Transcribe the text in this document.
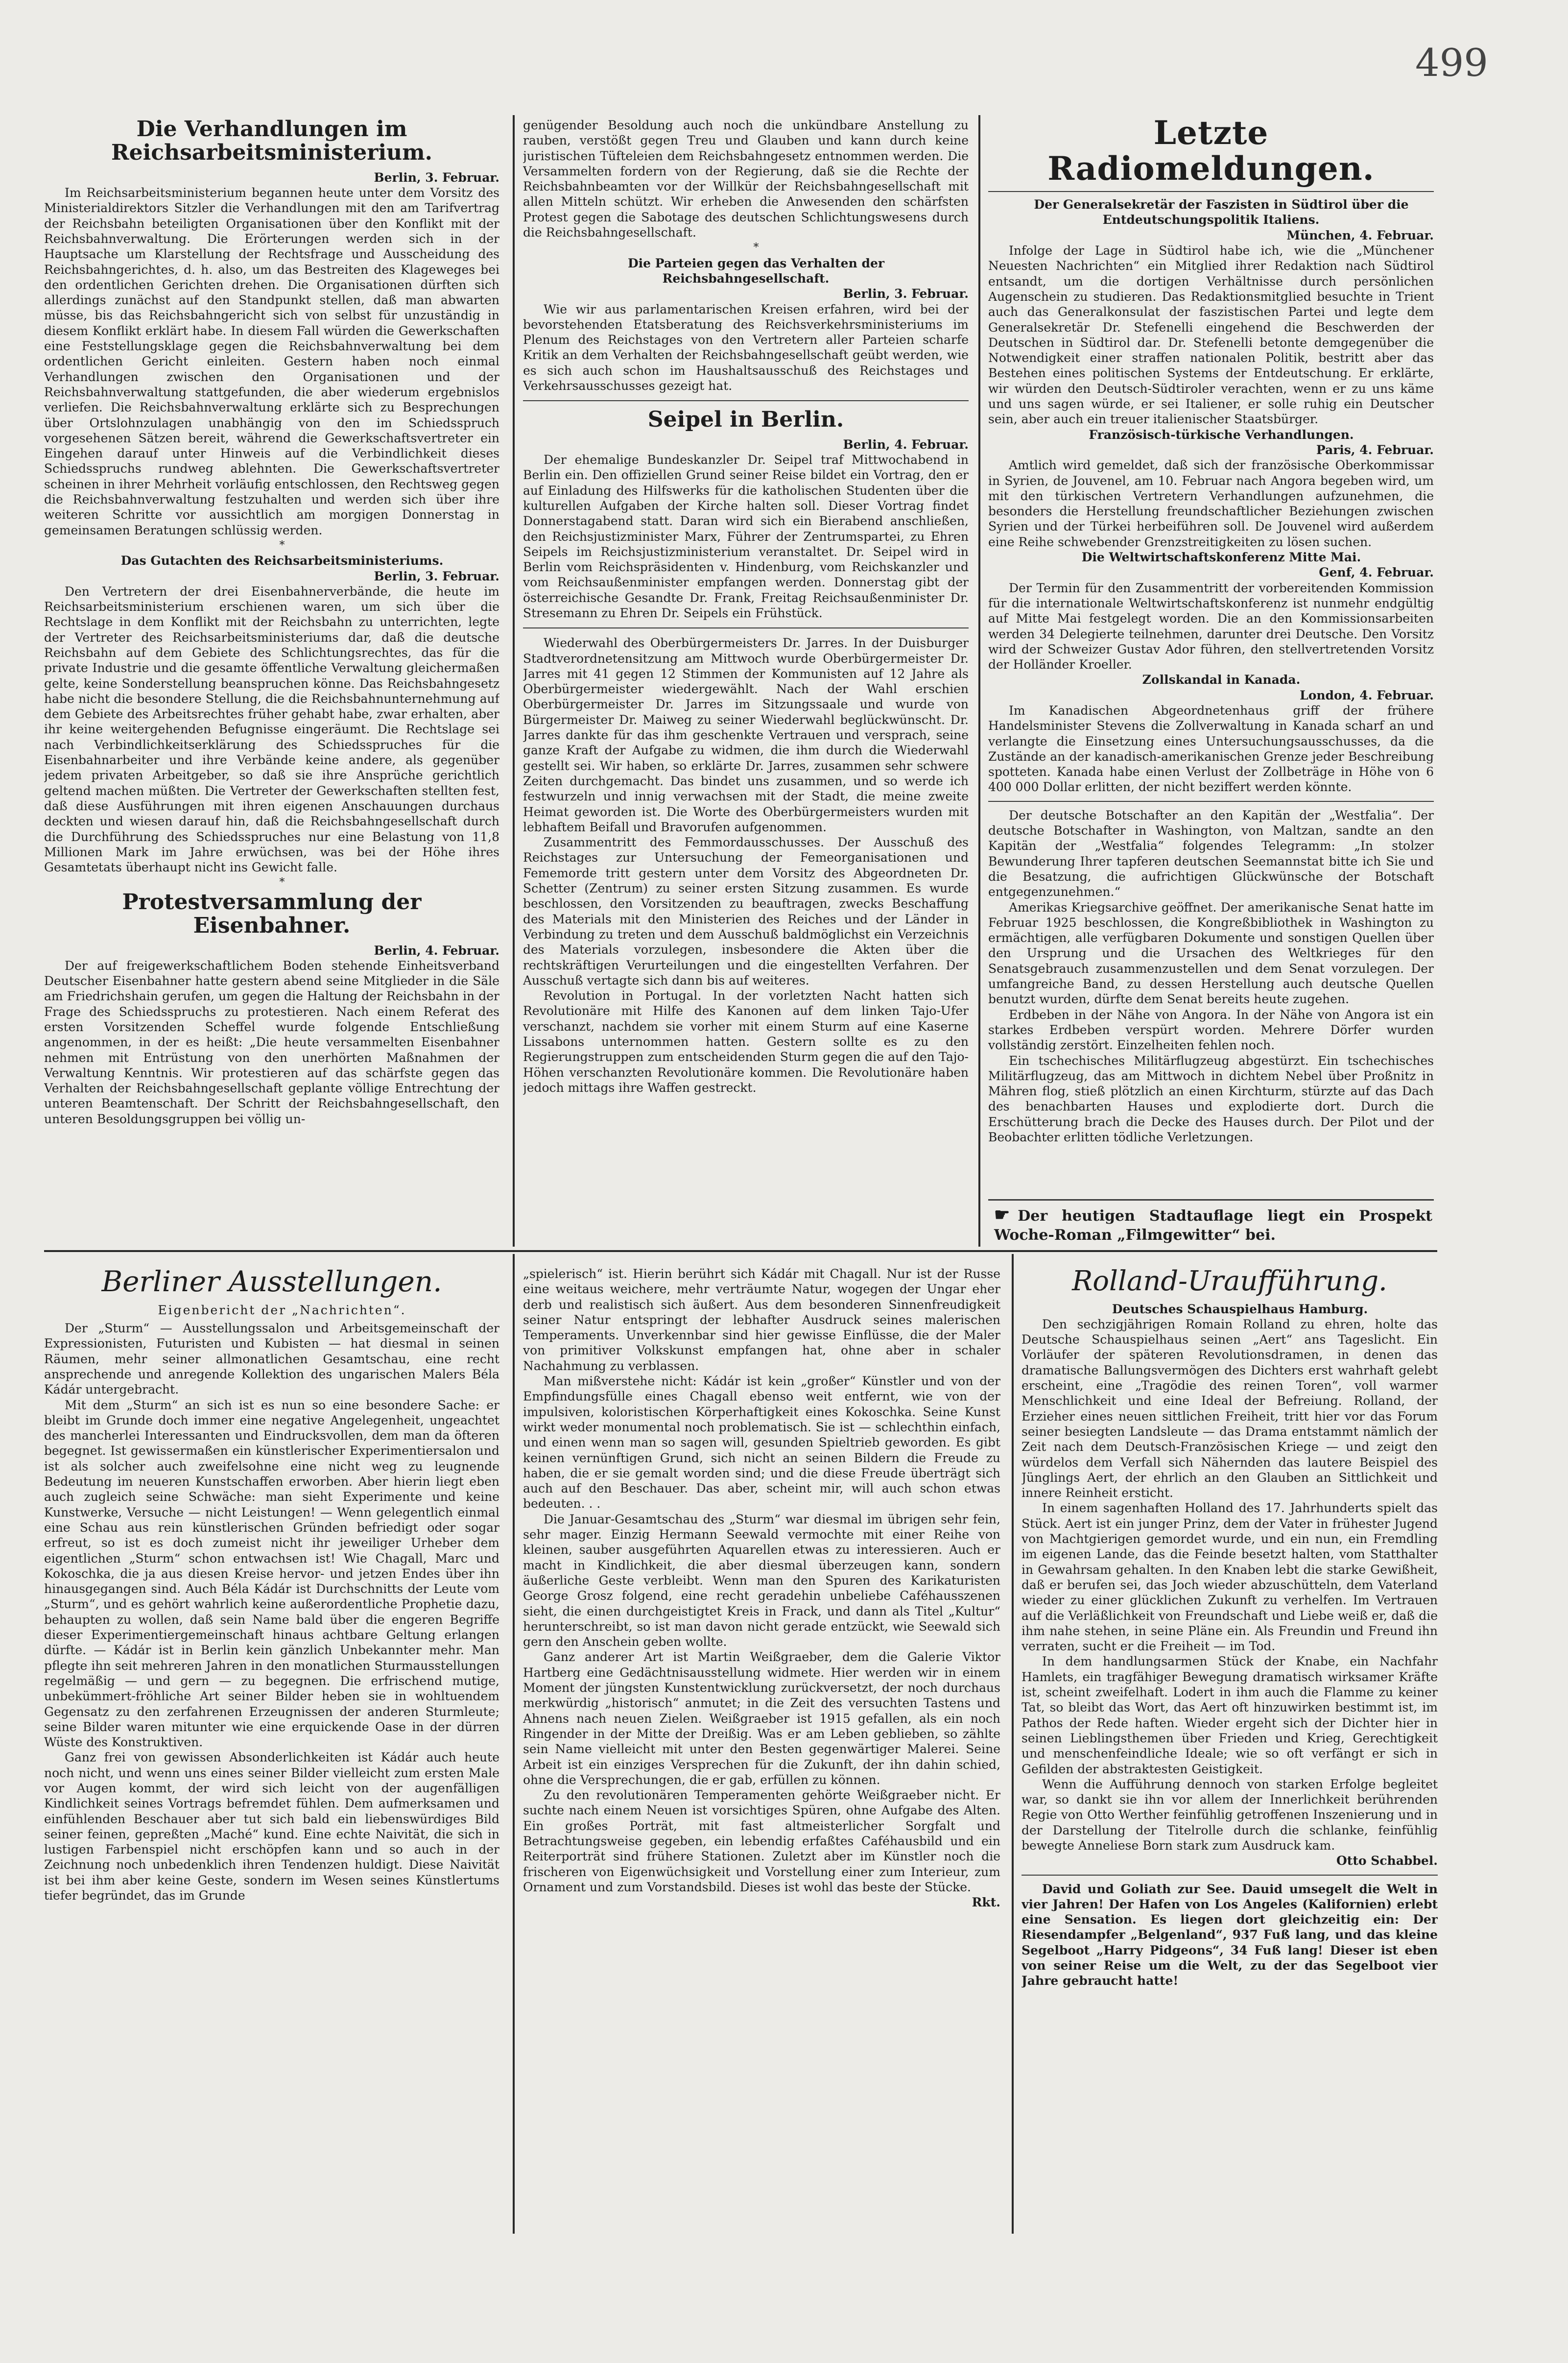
499
Die Verhandlungen im Reichsarbeitsministerium.

Berlin, 3. Februar.

Im Reichsarbeitsministerium begannen heute unter dem Vorsitz des Ministerialdirektors Sitzler die Verhandlungen mit den am Tarifvertrag der Reichsbahn beteiligten Organisationen über den Konflikt mit der Reichsbahnverwaltung. Die Erörterungen werden sich in der Hauptsache um Klarstellung der Rechtsfrage und Ausscheidung des Reichsbahngerichtes, d. h. also, um das Bestreiten des Klageweges bei den ordentlichen Gerichten drehen. Die Organisationen dürften sich allerdings zunächst auf den Standpunkt stellen, daß man abwarten müsse, bis das Reichsbahngericht sich von selbst für unzuständig in diesem Konflikt erklärt habe. In diesem Fall würden die Gewerkschaften eine Feststellungsklage gegen die Reichsbahnverwaltung bei dem ordentlichen Gericht einleiten. Gestern haben noch einmal Verhandlungen zwischen den Organisationen und der Reichsbahnverwaltung stattgefunden, die aber wiederum ergebnislos verliefen. Die Reichsbahnverwaltung erklärte sich zu Besprechungen über Ortslohnzulagen unabhängig von den im Schiedsspruch vorgesehenen Sätzen bereit, während die Gewerkschaftsvertreter ein Eingehen darauf unter Hinweis auf die Verbindlichkeit dieses Schiedsspruchs rundweg ablehnten. Die Gewerkschaftsvertreter scheinen in ihrer Mehrheit vorläufig entschlossen, den Rechtsweg gegen die Reichsbahnverwaltung festzuhalten und werden sich über ihre weiteren Schritte vor aussichtlich am morgigen Donnerstag in gemeinsamen Beratungen schlüssig werden.

*

Das Gutachten des Reichsarbeitsministeriums.

Berlin, 3. Februar.

Den Vertretern der drei Eisenbahnerverbände, die heute im Reichsarbeitsministerium erschienen waren, um sich über die Rechtslage in dem Konflikt mit der Reichsbahn zu unterrichten, legte der Vertreter des Reichsarbeitsministeriums dar, daß die deutsche Reichsbahn auf dem Gebiete des Schlichtungsrechtes, das für die private Industrie und die gesamte öffentliche Verwaltung gleichermaßen gelte, keine Sonderstellung beanspruchen könne. Das Reichsbahngesetz habe nicht die besondere Stellung, die die Reichsbahnunternehmung auf dem Gebiete des Arbeitsrechtes früher gehabt habe, zwar erhalten, aber ihr keine weitergehenden Befugnisse eingeräumt. Die Rechtslage sei nach Verbindlichkeitserklärung des Schiedsspruches für die Eisenbahnarbeiter und ihre Verbände keine andere, als gegenüber jedem privaten Arbeitgeber, so daß sie ihre Ansprüche gerichtlich geltend machen müßten. Die Vertreter der Gewerkschaften stellten fest, daß diese Ausführungen mit ihren eigenen Anschauungen durchaus deckten und wiesen darauf hin, daß die Reichsbahngesellschaft durch die Durchführung des Schiedsspruches nur eine Belastung von 11,8 Millionen Mark im Jahre erwüchsen, was bei der Höhe ihres Gesamtetats überhaupt nicht ins Gewicht falle.

*

Protestversammlung der Eisenbahner.

Berlin, 4. Februar.

Der auf freigewerkschaftlichem Boden stehende Einheitsverband Deutscher Eisenbahner hatte gestern abend seine Mitglieder in die Säle am Friedrichshain gerufen, um gegen die Haltung der Reichsbahn in der Frage des Schiedsspruchs zu protestieren. Nach einem Referat des ersten Vorsitzenden Scheffel wurde folgende Entschließung angenommen, in der es heißt: „Die heute versammelten Eisenbahner nehmen mit Entrüstung von den unerhörten Maßnahmen der Verwaltung Kenntnis. Wir protestieren auf das schärfste gegen das Verhalten der Reichsbahngesellschaft geplante völlige Entrechtung der unteren Beamtenschaft. Der Schritt der Reichsbahngesellschaft, den unteren Besoldungsgruppen bei völlig un-

genügender Besoldung auch noch die unkündbare Anstellung zu rauben, verstößt gegen Treu und Glauben und kann durch keine juristischen Tüfteleien dem Reichsbahngesetz entnommen werden. Die Versammelten fordern von der Regierung, daß sie die Rechte der Reichsbahnbeamten vor der Willkür der Reichsbahngesellschaft mit allen Mitteln schützt. Wir erheben die Anwesenden den schärfsten Protest gegen die Sabotage des deutschen Schlichtungswesens durch die Reichsbahngesellschaft.

*

Die Parteien gegen das Verhalten der Reichsbahngesellschaft.

Berlin, 3. Februar.

Wie wir aus parlamentarischen Kreisen erfahren, wird bei der bevorstehenden Etatsberatung des Reichsverkehrsministeriums im Plenum des Reichstages von den Vertretern aller Parteien scharfe Kritik an dem Verhalten der Reichsbahngesellschaft geübt werden, wie es sich auch schon im Haushaltsausschuß des Reichstages und Verkehrsausschusses gezeigt hat.

Seipel in Berlin.

Berlin, 4. Februar.

Der ehemalige Bundeskanzler Dr. Seipel traf Mittwochabend in Berlin ein. Den offiziellen Grund seiner Reise bildet ein Vortrag, den er auf Einladung des Hilfswerks für die katholischen Studenten über die kulturellen Aufgaben der Kirche halten soll. Dieser Vortrag findet Donnerstagabend statt. Daran wird sich ein Bierabend anschließen, den Reichsjustizminister Marx, Führer der Zentrumspartei, zu Ehren Seipels im Reichsjustizministerium veranstaltet. Dr. Seipel wird in Berlin vom Reichspräsidenten v. Hindenburg, vom Reichskanzler und vom Reichsaußenminister empfangen werden. Donnerstag gibt der österreichische Gesandte Dr. Frank, Freitag Reichsaußenminister Dr. Stresemann zu Ehren Dr. Seipels ein Frühstück.

Wiederwahl des Oberbürgermeisters Dr. Jarres. In der Duisburger Stadtverordnetensitzung am Mittwoch wurde Oberbürgermeister Dr. Jarres mit 41 gegen 12 Stimmen der Kommunisten auf 12 Jahre als Oberbürgermeister wiedergewählt. Nach der Wahl erschien Oberbürgermeister Dr. Jarres im Sitzungssaale und wurde von Bürgermeister Dr. Maiweg zu seiner Wiederwahl beglückwünscht. Dr. Jarres dankte für das ihm geschenkte Vertrauen und versprach, seine ganze Kraft der Aufgabe zu widmen, die ihm durch die Wiederwahl gestellt sei. Wir haben, so erklärte Dr. Jarres, zusammen sehr schwere Zeiten durchgemacht. Das bindet uns zusammen, und so werde ich festwurzeln und innig verwachsen mit der Stadt, die meine zweite Heimat geworden ist. Die Worte des Oberbürgermeisters wurden mit lebhaftem Beifall und Bravorufen aufgenommen.

Zusammentritt des Femmordausschusses. Der Ausschuß des Reichstages zur Untersuchung der Femeorganisationen und Fememorde tritt gestern unter dem Vorsitz des Abgeordneten Dr. Schetter (Zentrum) zu seiner ersten Sitzung zusammen. Es wurde beschlossen, den Vorsitzenden zu beauftragen, zwecks Beschaffung des Materials mit den Ministerien des Reiches und der Länder in Verbindung zu treten und dem Ausschuß baldmöglichst ein Verzeichnis des Materials vorzulegen, insbesondere die Akten über die rechtskräftigen Verurteilungen und die eingestellten Verfahren. Der Ausschuß vertagte sich dann bis auf weiteres.

Revolution in Portugal. In der vorletzten Nacht hatten sich Revolutionäre mit Hilfe des Kanonen auf dem linken Tajo-Ufer verschanzt, nachdem sie vorher mit einem Sturm auf eine Kaserne Lissabons unternommen hatten. Gestern sollte es zu den Regierungstruppen zum entscheidenden Sturm gegen die auf den Tajo-Höhen verschanzten Revolutionäre kommen. Die Revolutionäre haben jedoch mittags ihre Waffen gestreckt.

Letzte Radiomeldungen.

Der Generalsekretär der Faszisten in Südtirol über die Entdeutschungspolitik Italiens.

München, 4. Februar.

Infolge der Lage in Südtirol habe ich, wie die „Münchener Neuesten Nachrichten“ ein Mitglied ihrer Redaktion nach Südtirol entsandt, um die dortigen Verhältnisse durch persönlichen Augenschein zu studieren. Das Redaktionsmitglied besuchte in Trient auch das Generalkonsulat der faszistischen Partei und legte dem Generalsekretär Dr. Stefenelli eingehend die Beschwerden der Deutschen in Südtirol dar. Dr. Stefenelli betonte demgegenüber die Notwendigkeit einer straffen nationalen Politik, bestritt aber das Bestehen eines politischen Systems der Entdeutschung. Er erklärte, wir würden den Deutsch-Südtiroler verachten, wenn er zu uns käme und uns sagen würde, er sei Italiener, er solle ruhig ein Deutscher sein, aber auch ein treuer italienischer Staatsbürger.

Französisch-türkische Verhandlungen.

Paris, 4. Februar.

Amtlich wird gemeldet, daß sich der französische Oberkommissar in Syrien, de Jouvenel, am 10. Februar nach Angora begeben wird, um mit den türkischen Vertretern Verhandlungen aufzunehmen, die besonders die Herstellung freundschaftlicher Beziehungen zwischen Syrien und der Türkei herbeiführen soll. De Jouvenel wird außerdem eine Reihe schwebender Grenzstreitigkeiten zu lösen suchen.

Die Weltwirtschaftskonferenz Mitte Mai.

Genf, 4. Februar.

Der Termin für den Zusammentritt der vorbereitenden Kommission für die internationale Weltwirtschaftskonferenz ist nunmehr endgültig auf Mitte Mai festgelegt worden. Die an den Kommissionsarbeiten werden 34 Delegierte teilnehmen, darunter drei Deutsche. Den Vorsitz wird der Schweizer Gustav Ador führen, den stellvertretenden Vorsitz der Holländer Kroeller.

Zollskandal in Kanada.

London, 4. Februar.

Im Kanadischen Abgeordnetenhaus griff der frühere Handelsminister Stevens die Zollverwaltung in Kanada scharf an und verlangte die Einsetzung eines Untersuchungsausschusses, da die Zustände an der kanadisch-amerikanischen Grenze jeder Beschreibung spotteten. Kanada habe einen Verlust der Zollbeträge in Höhe von 6 400 000 Dollar erlitten, der nicht beziffert werden könnte.

Der deutsche Botschafter an den Kapitän der „Westfalia“. Der deutsche Botschafter in Washington, von Maltzan, sandte an den Kapitän der „Westfalia“ folgendes Telegramm: „In stolzer Bewunderung Ihrer tapferen deutschen Seemannstat bitte ich Sie und die Besatzung, die aufrichtigen Glückwünsche der Botschaft entgegenzunehmen.“

Amerikas Kriegsarchive geöffnet. Der amerikanische Senat hatte im Februar 1925 beschlossen, die Kongreßbibliothek in Washington zu ermächtigen, alle verfügbaren Dokumente und sonstigen Quellen über den Ursprung und die Ursachen des Weltkrieges für den Senatsgebrauch zusammenzustellen und dem Senat vorzulegen. Der umfangreiche Band, zu dessen Herstellung auch deutsche Quellen benutzt wurden, dürfte dem Senat bereits heute zugehen.

Erdbeben in der Nähe von Angora. In der Nähe von Angora ist ein starkes Erdbeben verspürt worden. Mehrere Dörfer wurden vollständig zerstört. Einzelheiten fehlen noch.

Ein tschechisches Militärflugzeug abgestürzt. Ein tschechisches Militärflugzeug, das am Mittwoch in dichtem Nebel über Proßnitz in Mähren flog, stieß plötzlich an einen Kirchturm, stürzte auf das Dach des benachbarten Hauses und explodierte dort. Durch die Erschütterung brach die Decke des Hauses durch. Der Pilot und der Beobachter erlitten tödliche Verletzungen.

☛ Der heutigen Stadtauflage liegt ein Prospekt Woche-Roman „Filmgewitter“ bei.
Berliner Ausstellungen.

Eigenbericht der „Nachrichten“.

Der „Sturm“ — Ausstellungssalon und Arbeitsgemeinschaft der Expressionisten, Futuristen und Kubisten — hat diesmal in seinen Räumen, mehr seiner allmonatlichen Gesamtschau, eine recht ansprechende und anregende Kollektion des ungarischen Malers Béla Kádár untergebracht.

Mit dem „Sturm“ an sich ist es nun so eine besondere Sache: er bleibt im Grunde doch immer eine negative Angelegenheit, ungeachtet des mancherlei Interessanten und Eindrucksvollen, dem man da öfteren begegnet. Ist gewissermaßen ein künstlerischer Experimentiersalon und ist als solcher auch zweifelsohne eine nicht weg zu leugnende Bedeutung im neueren Kunstschaffen erworben. Aber hierin liegt eben auch zugleich seine Schwäche: man sieht Experimente und keine Kunstwerke, Versuche — nicht Leistungen! — Wenn gelegentlich einmal eine Schau aus rein künstlerischen Gründen befriedigt oder sogar erfreut, so ist es doch zumeist nicht ihr jeweiliger Urheber dem eigentlichen „Sturm“ schon entwachsen ist! Wie Chagall, Marc und Kokoschka, die ja aus diesen Kreise hervor- und jetzen Endes über ihn hinausgegangen sind. Auch Béla Kádár ist Durchschnitts der Leute vom „Sturm“, und es gehört wahrlich keine außerordentliche Prophetie dazu, behaupten zu wollen, daß sein Name bald über die engeren Begriffe dieser Experimentiergemeinschaft hinaus achtbare Geltung erlangen dürfte. — Kádár ist in Berlin kein gänzlich Unbekannter mehr. Man pflegte ihn seit mehreren Jahren in den monatlichen Sturmausstellungen regelmäßig — und gern — zu begegnen. Die erfrischend mutige, unbekümmert-fröhliche Art seiner Bilder heben sie in wohltuendem Gegensatz zu den zerfahrenen Erzeugnissen der anderen Sturmleute; seine Bilder waren mitunter wie eine erquickende Oase in der dürren Wüste des Konstruktiven.

Ganz frei von gewissen Absonderlichkeiten ist Kádár auch heute noch nicht, und wenn uns eines seiner Bilder vielleicht zum ersten Male vor Augen kommt, der wird sich leicht von der augenfälligen Kindlichkeit seines Vortrags befremdet fühlen. Dem aufmerksamen und einfühlenden Beschauer aber tut sich bald ein liebenswürdiges Bild seiner feinen, gepreßten „Maché“ kund. Eine echte Naivität, die sich in lustigen Farbenspiel nicht erschöpfen kann und so auch in der Zeichnung noch unbedenklich ihren Tendenzen huldigt. Diese Naivität ist bei ihm aber keine Geste, sondern im Wesen seines Künstlertums tiefer begründet, das im Grunde

„spielerisch“ ist. Hierin berührt sich Kádár mit Chagall. Nur ist der Russe eine weitaus weichere, mehr verträumte Natur, wogegen der Ungar eher derb und realistisch sich äußert. Aus dem besonderen Sinnenfreudigkeit seiner Natur entspringt der lebhafter Ausdruck seines malerischen Temperaments. Unverkennbar sind hier gewisse Einflüsse, die der Maler von primitiver Volkskunst empfangen hat, ohne aber in schaler Nachahmung zu verblassen.

Man mißverstehe nicht: Kádár ist kein „großer“ Künstler und von der Empfindungsfülle eines Chagall ebenso weit entfernt, wie von der impulsiven, koloristischen Körperhaftigkeit eines Kokoschka. Seine Kunst wirkt weder monumental noch problematisch. Sie ist — schlechthin einfach, und einen wenn man so sagen will, gesunden Spieltrieb geworden. Es gibt keinen vernünftigen Grund, sich nicht an seinen Bildern die Freude zu haben, die er sie gemalt worden sind; und die diese Freude überträgt sich auch auf den Beschauer. Das aber, scheint mir, will auch schon etwas bedeuten. . .

Die Januar-Gesamtschau des „Sturm“ war diesmal im übrigen sehr fein, sehr mager. Einzig Hermann Seewald vermochte mit einer Reihe von kleinen, sauber ausgeführten Aquarellen etwas zu interessieren. Auch er macht in Kindlichkeit, die aber diesmal überzeugen kann, sondern äußerliche Geste verbleibt. Wenn man den Spuren des Karikaturisten George Grosz folgend, eine recht geradehin unbeliebe Caféhausszenen sieht, die einen durchgeistigtet Kreis in Frack, und dann als Titel „Kultur“ herunterschreibt, so ist man davon nicht gerade entzückt, wie Seewald sich gern den Anschein geben wollte.

Ganz anderer Art ist Martin Weißgraeber, dem die Galerie Viktor Hartberg eine Gedächtnisausstellung widmete. Hier werden wir in einem Moment der jüngsten Kunstentwicklung zurückversetzt, der noch durchaus merkwürdig „historisch“ anmutet; in die Zeit des versuchten Tastens und Ahnens nach neuen Zielen. Weißgraeber ist 1915 gefallen, als ein noch Ringender in der Mitte der Dreißig. Was er am Leben geblieben, so zählte sein Name vielleicht mit unter den Besten gegenwärtiger Malerei. Seine Arbeit ist ein einziges Versprechen für die Zukunft, der ihn dahin schied, ohne die Versprechungen, die er gab, erfüllen zu können.

Zu den revolutionären Temperamenten gehörte Weißgraeber nicht. Er suchte nach einem Neuen ist vorsichtiges Spüren, ohne Aufgabe des Alten. Ein großes Porträt, mit fast altmeisterlicher Sorgfalt und Betrachtungsweise gegeben, ein lebendig erfaßtes Caféhausbild und ein Reiterporträt sind frühere Stationen. Zuletzt aber im Künstler noch die frischeren von Eigenwüchsigkeit und Vorstellung einer zum Interieur, zum Ornament und zum Vorstandsbild. Dieses ist wohl das beste der Stücke.

Rkt.

Rolland-Uraufführung.

Deutsches Schauspielhaus Hamburg.

Den sechzigjährigen Romain Rolland zu ehren, holte das Deutsche Schauspielhaus seinen „Aert“ ans Tageslicht. Ein Vorläufer der späteren Revolutionsdramen, in denen das dramatische Ballungsvermögen des Dichters erst wahrhaft gelebt erscheint, eine „Tragödie des reinen Toren“, voll warmer Menschlichkeit und eine Ideal der Befreiung. Rolland, der Erzieher eines neuen sittlichen Freiheit, tritt hier vor das Forum seiner besiegten Landsleute — das Drama entstammt nämlich der Zeit nach dem Deutsch-Französischen Kriege — und zeigt den würdelos dem Verfall sich Nähernden das lautere Beispiel des Jünglings Aert, der ehrlich an den Glauben an Sittlichkeit und innere Reinheit ersticht.

In einem sagenhaften Holland des 17. Jahrhunderts spielt das Stück. Aert ist ein junger Prinz, dem der Vater in frühester Jugend von Machtgierigen gemordet wurde, und ein nun, ein Fremdling im eigenen Lande, das die Feinde besetzt halten, vom Statthalter in Gewahrsam gehalten. In den Knaben lebt die starke Gewißheit, daß er berufen sei, das Joch wieder abzuschütteln, dem Vaterland wieder zu einer glücklichen Zukunft zu verhelfen. Im Vertrauen auf die Verläßlichkeit von Freundschaft und Liebe weiß er, daß die ihm nahe stehen, in seine Pläne ein. Als Freundin und Freund ihn verraten, sucht er die Freiheit — im Tod.

In dem handlungsarmen Stück der Knabe, ein Nachfahr Hamlets, ein tragfähiger Bewegung dramatisch wirksamer Kräfte ist, scheint zweifelhaft. Lodert in ihm auch die Flamme zu keiner Tat, so bleibt das Wort, das Aert oft hinzuwirken bestimmt ist, im Pathos der Rede haften. Wieder ergeht sich der Dichter hier in seinen Lieblingsthemen über Frieden und Krieg, Gerechtigkeit und menschenfeindliche Ideale; wie so oft verfängt er sich in Gefilden der abstraktesten Geistigkeit.

Wenn die Aufführung dennoch von starken Erfolge begleitet war, so dankt sie ihn vor allem der Innerlichkeit berührenden Regie von Otto Werther feinfühlig getroffenen Inszenierung und in der Darstellung der Titelrolle durch die schlanke, feinfühlig bewegte Anneliese Born stark zum Ausdruck kam.

Otto Schabbel.

David und Goliath zur See. Dauid umsegelt die Welt in vier Jahren! Der Hafen von Los Angeles (Kalifornien) erlebt eine Sensation. Es liegen dort gleichzeitig ein: Der Riesendampfer „Belgenland“, 937 Fuß lang, und das kleine Segelboot „Harry Pidgeons“, 34 Fuß lang! Dieser ist eben von seiner Reise um die Welt, zu der das Segelboot vier Jahre gebraucht hatte!
